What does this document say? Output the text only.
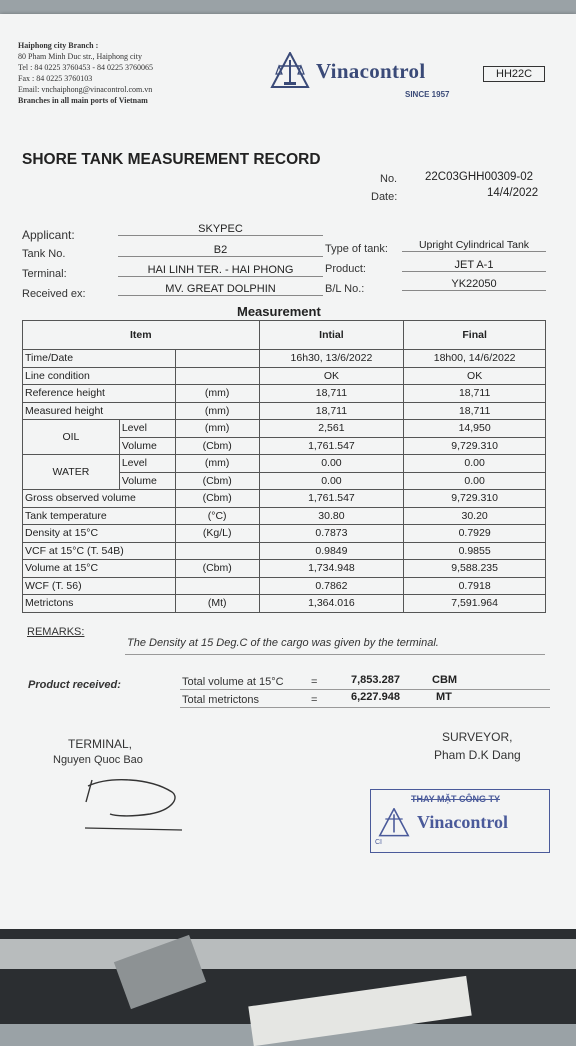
Haiphong city Branch :
80 Pham Minh Duc str., Haiphong city
Tel : 84 0225 3760453 - 84 0225 3760065
Fax : 84 0225 3760103
Email: vnchaiphong@vinacontrol.com.vn
Branches in all main ports of Vietnam
Vinacontrol
SINCE 1957
HH22C
SHORE TANK MEASUREMENT RECORD
No. 22C03GHH00309-02
Date:	14/4/2022
Applicant:	SKYPEC
Tank No.	B2
Terminal:	HAI LINH TER. - HAI PHONG
Received ex:	MV. GREAT DOLPHIN
Type of tank:	Upright Cylindrical Tank
Product:	JET A-1
B/L No.:	YK22050
Measurement
Item			Intial	Final
Time/Date			16h30, 13/6/2022	18h00, 14/6/2022
Line condition			OK	OK
Reference height		(mm)	18,711	18,711
Measured height		(mm)	18,711	18,711
OIL	Level	(mm)	2,561	14,950
	Volume	(Cbm)	1,761.547	9,729.310
WATER	Level	(mm)	0.00	0.00
	Volume	(Cbm)	0.00	0.00
Gross observed volume		(Cbm)	1,761.547	9,729.310
Tank temperature		(°C)	30.80	30.20
Density at 15°C		(Kg/L)	0.7873	0.7929
VCF at 15°C (T. 54B)			0.9849	0.9855
Volume at 15°C		(Cbm)	1,734.948	9,588.235
WCF (T. 56)			0.7862	0.7918
Metrictons		(Mt)	1,364.016	7,591.964
REMARKS:
The Density at 15 Deg.C of the cargo was given by the terminal.
Product received:	Total volume at 15°C =	7,853.287	CBM
Total metrictons	=	6,227.948	MT
TERMINAL,
Nguyen Quoc Bao
SURVEYOR,
Pham D.K Dang
THAY MẶT CÔNG TY
Vinacontrol
CI
